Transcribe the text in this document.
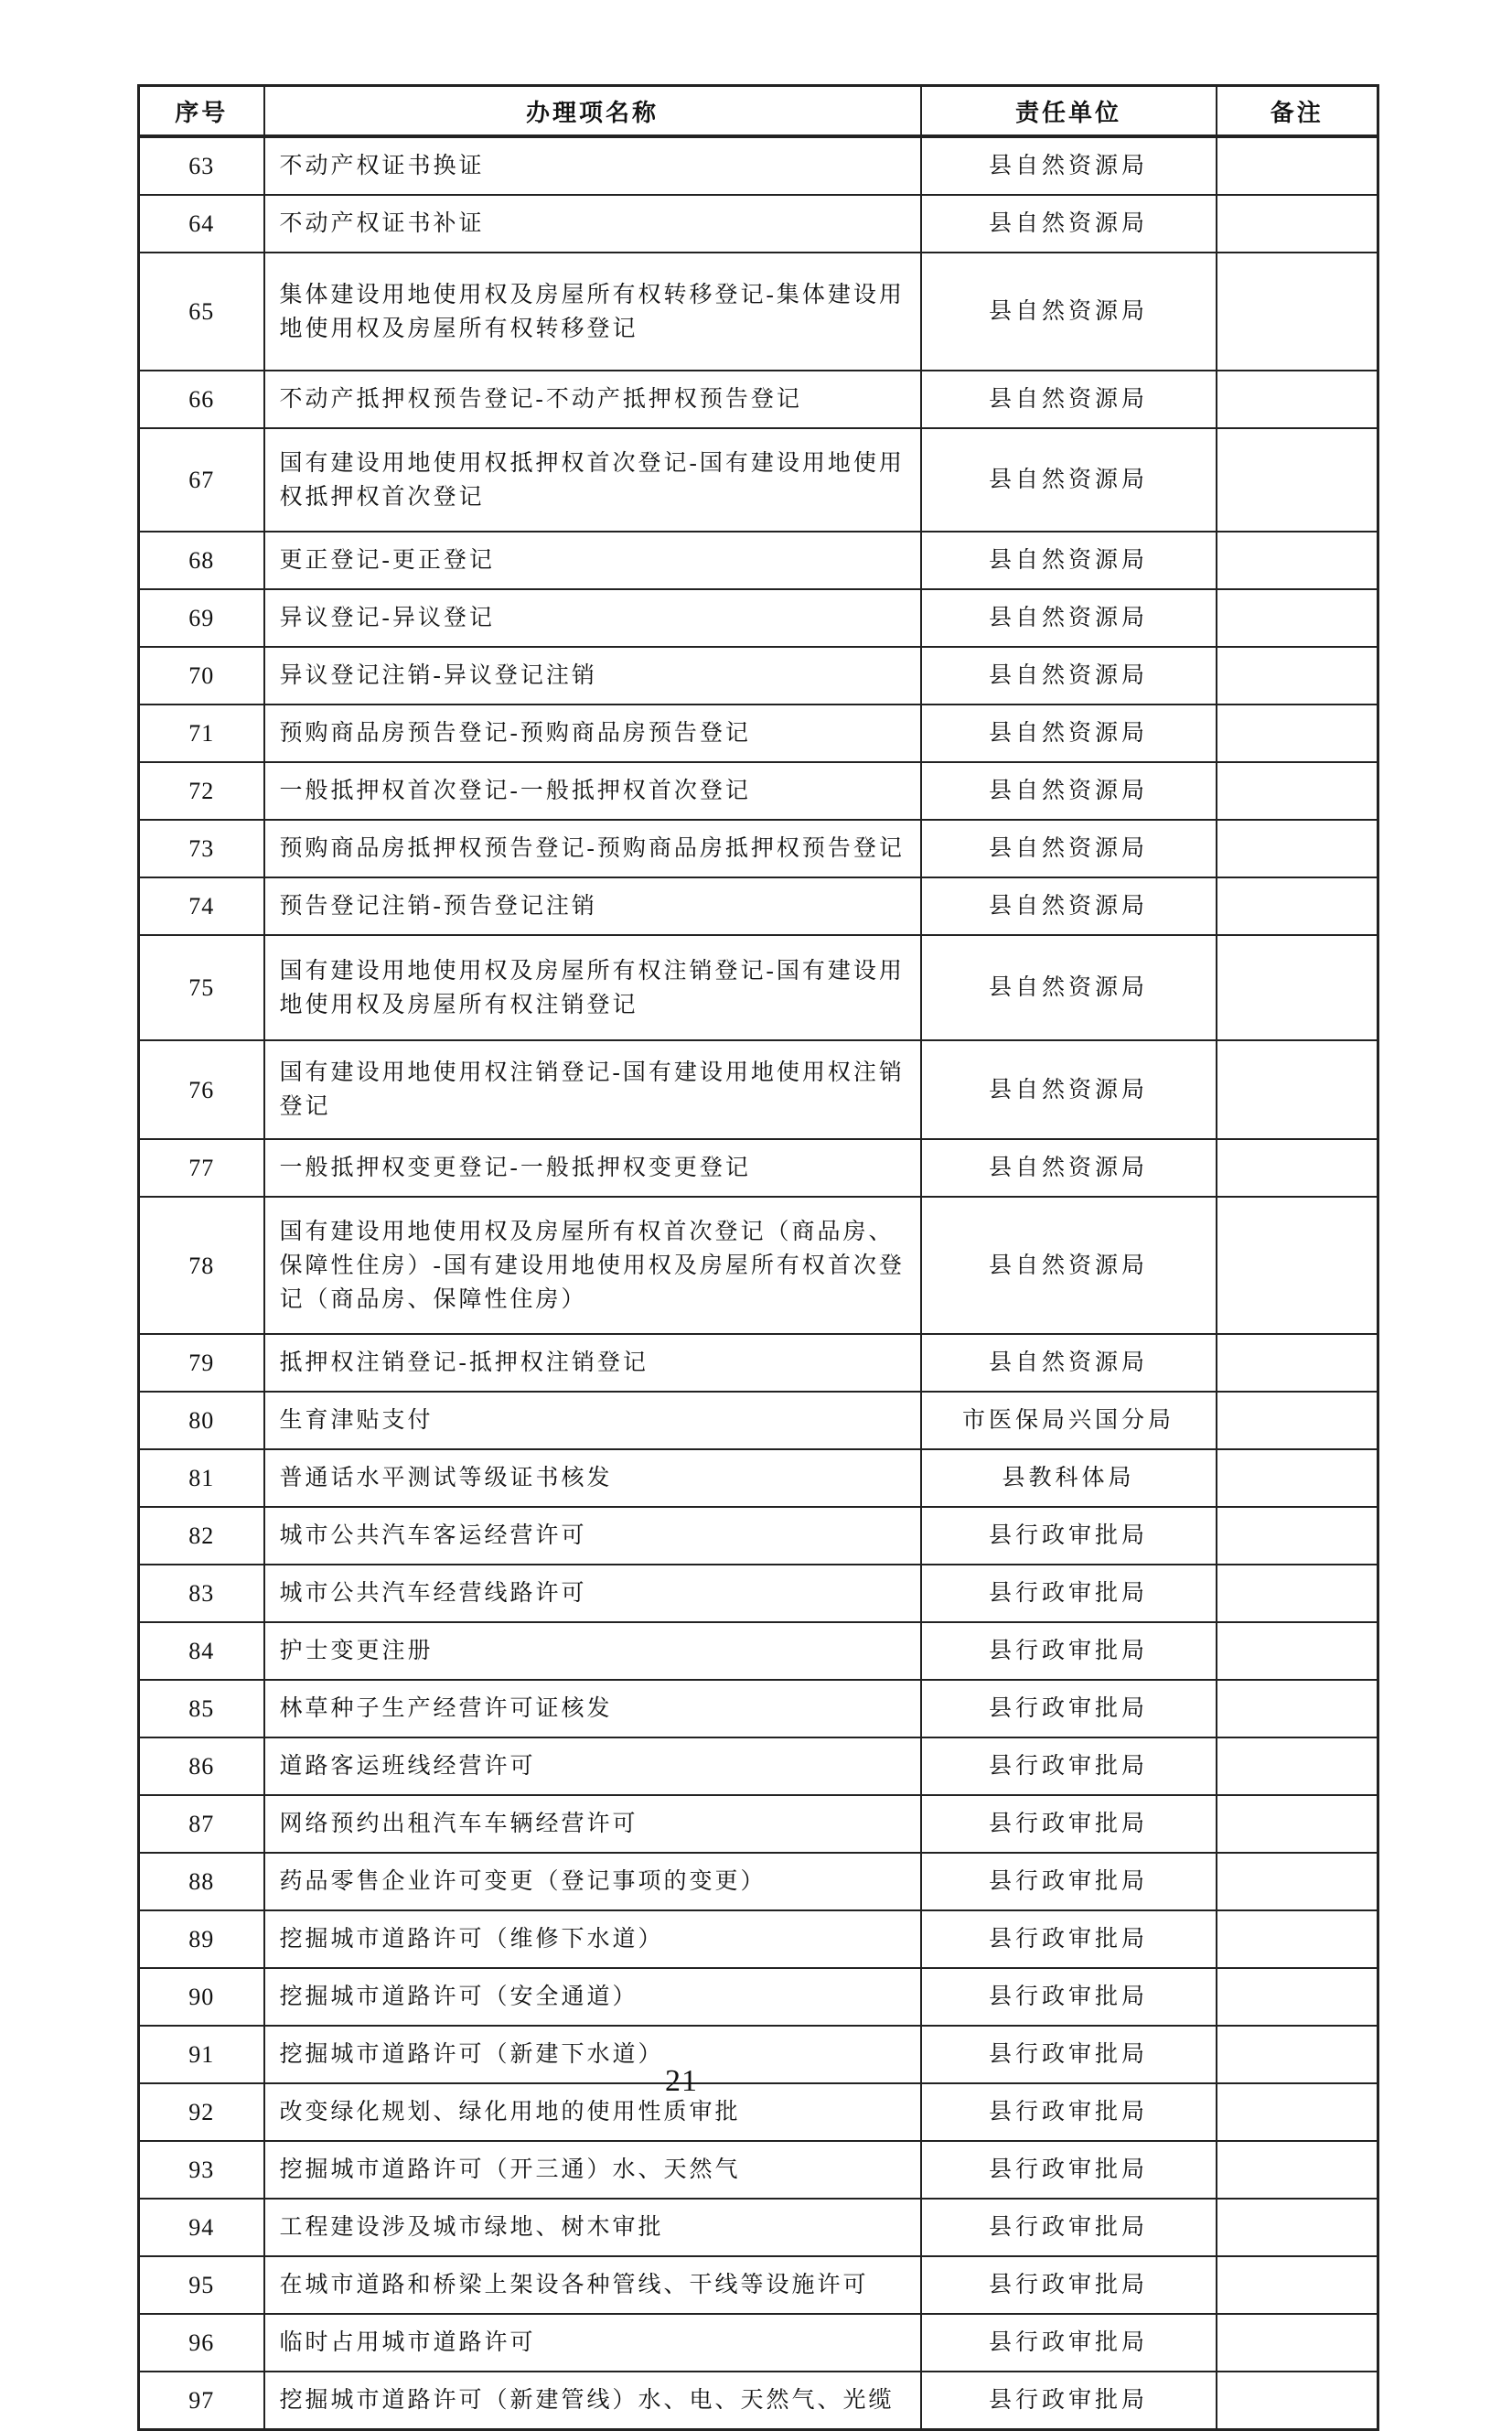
序号	办理项名称	责任单位	备注
63	不动产权证书换证	县自然资源局	
64	不动产权证书补证	县自然资源局	
65	集体建设用地使用权及房屋所有权转移登记-集体建设用地使用权及房屋所有权转移登记	县自然资源局	
66	不动产抵押权预告登记-不动产抵押权预告登记	县自然资源局	
67	国有建设用地使用权抵押权首次登记-国有建设用地使用权抵押权首次登记	县自然资源局	
68	更正登记-更正登记	县自然资源局	
69	异议登记-异议登记	县自然资源局	
70	异议登记注销-异议登记注销	县自然资源局	
71	预购商品房预告登记-预购商品房预告登记	县自然资源局	
72	一般抵押权首次登记-一般抵押权首次登记	县自然资源局	
73	预购商品房抵押权预告登记-预购商品房抵押权预告登记	县自然资源局	
74	预告登记注销-预告登记注销	县自然资源局	
75	国有建设用地使用权及房屋所有权注销登记-国有建设用地使用权及房屋所有权注销登记	县自然资源局	
76	国有建设用地使用权注销登记-国有建设用地使用权注销登记	县自然资源局	
77	一般抵押权变更登记-一般抵押权变更登记	县自然资源局	
78	国有建设用地使用权及房屋所有权首次登记（商品房、保障性住房）-国有建设用地使用权及房屋所有权首次登记（商品房、保障性住房）	县自然资源局	
79	抵押权注销登记-抵押权注销登记	县自然资源局	
80	生育津贴支付	市医保局兴国分局	
81	普通话水平测试等级证书核发	县教科体局	
82	城市公共汽车客运经营许可	县行政审批局	
83	城市公共汽车经营线路许可	县行政审批局	
84	护士变更注册	县行政审批局	
85	林草种子生产经营许可证核发	县行政审批局	
86	道路客运班线经营许可	县行政审批局	
87	网络预约出租汽车车辆经营许可	县行政审批局	
88	药品零售企业许可变更（登记事项的变更）	县行政审批局	
89	挖掘城市道路许可（维修下水道）	县行政审批局	
90	挖掘城市道路许可（安全通道）	县行政审批局	
91	挖掘城市道路许可（新建下水道）	县行政审批局	
92	改变绿化规划、绿化用地的使用性质审批	县行政审批局	
93	挖掘城市道路许可（开三通）水、天然气	县行政审批局	
94	工程建设涉及城市绿地、树木审批	县行政审批局	
95	在城市道路和桥梁上架设各种管线、干线等设施许可	县行政审批局	
96	临时占用城市道路许可	县行政审批局	
97	挖掘城市道路许可（新建管线）水、电、天然气、光缆	县行政审批局	
21
